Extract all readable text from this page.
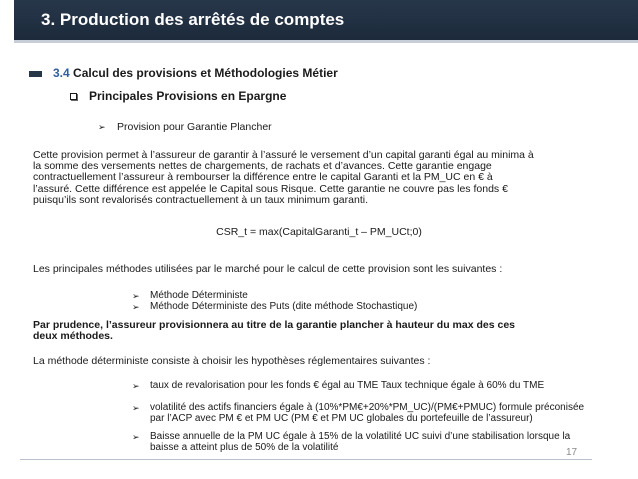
3. Production des arrêtés de comptes
3.4 Calcul des provisions et Méthodologies Métier
Principales Provisions en Epargne
➢ Provision pour Garantie Plancher
Cette provision permet à l’assureur de garantir à l’assuré le versement d’un capital garanti égal au minima à
la somme des versements nettes de chargements, de rachats et d’avances. Cette garantie engage
contractuellement l’assureur à rembourser la différence entre le capital Garanti et la PM_UC en € à
l’assuré. Cette différence est appelée le Capital sous Risque. Cette garantie ne couvre pas les fonds €
puisqu’ils sont revalorisés contractuellement à un taux minimum garanti.
CSR_t = max(CapitalGaranti_t – PM_UCt;0)
Les principales méthodes utilisées par le marché pour le calcul de cette provision sont les suivantes :
➢ Méthode Déterministe
➢ Méthode Déterministe des Puts (dite méthode Stochastique)
Par prudence, l’assureur provisionnera au titre de la garantie plancher à hauteur du max des ces
deux méthodes.
La méthode déterministe consiste à choisir les hypothèses réglementaires suivantes :
➢ taux de revalorisation pour les fonds € égal au TME Taux technique égale à 60% du TME
➢ volatilité des actifs financiers égale à (10%*PM€+20%*PM_UC)/(PM€+PMUC) formule préconisée
par l’ACP avec PM € et PM UC (PM € et PM UC globales du portefeuille de l’assureur)
➢ Baisse annuelle de la PM UC égale à 15% de la volatilité UC suivi d’une stabilisation lorsque la
baisse a atteint plus de 50% de la volatilité	17
